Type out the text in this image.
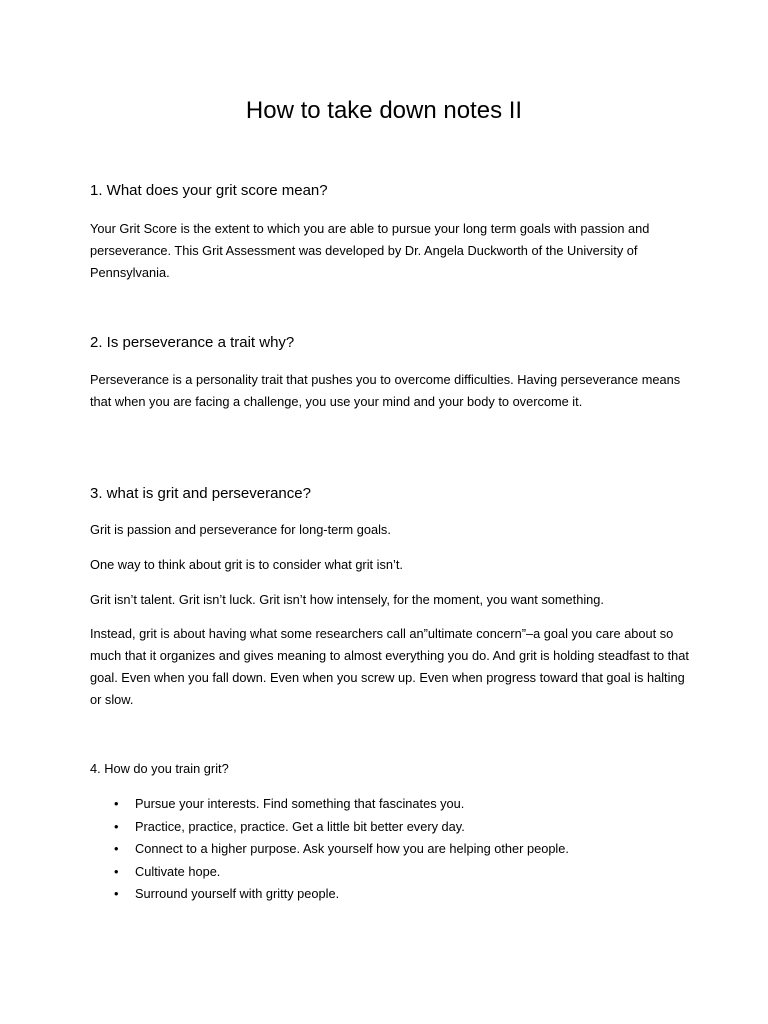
How to take down notes II
1. What does your grit score mean?

Your Grit Score is the extent to which you are able to pursue your long term goals with passion and perseverance. This Grit Assessment was developed by Dr. Angela Duckworth of the University of Pennsylvania.

2. Is perseverance a trait why?

Perseverance is a personality trait that pushes you to overcome difficulties. Having perseverance means that when you are facing a challenge, you use your mind and your body to overcome it.

3. what is grit and perseverance?

Grit is passion and perseverance for long-term goals.

One way to think about grit is to consider what grit isn’t.

Grit isn’t talent. Grit isn’t luck. Grit isn’t how intensely, for the moment, you want something.

Instead, grit is about having what some researchers call an”ultimate concern”–a goal you care about so much that it organizes and gives meaning to almost everything you do. And grit is holding steadfast to that goal. Even when you fall down. Even when you screw up. Even when progress toward that goal is halting or slow.

4. How do you train grit?

• Pursue your interests. Find something that fascinates you.
• Practice, practice, practice. Get a little bit better every day.
• Connect to a higher purpose. Ask yourself how you are helping other people.
• Cultivate hope.
• Surround yourself with gritty people.
